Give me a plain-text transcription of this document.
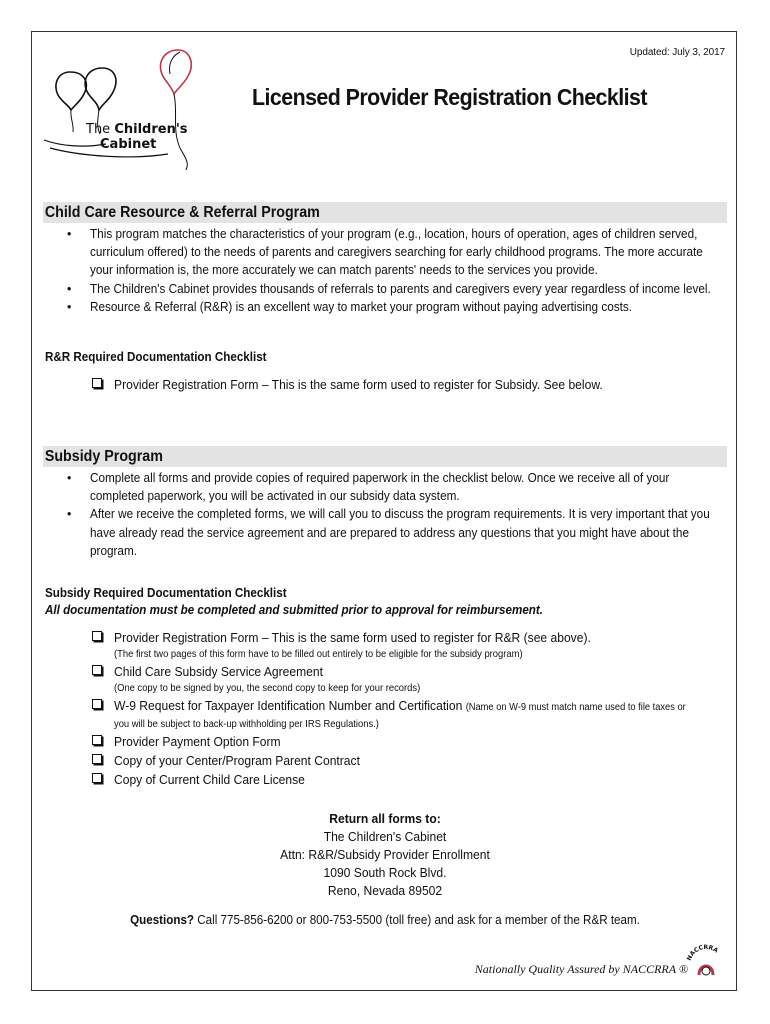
Updated: July 3, 2017
The Children's
Cabinet
Licensed Provider Registration Checklist
Child Care Resource & Referral Program
• This program matches the characteristics of your program (e.g., location, hours of operation, ages of children served, curriculum offered) to the needs of parents and caregivers searching for early childhood programs. The more accurate your information is, the more accurately we can match parents' needs to the services you provide.
• The Children's Cabinet provides thousands of referrals to parents and caregivers every year regardless of income level.
• Resource & Referral (R&R) is an excellent way to market your program without paying advertising costs.
R&R Required Documentation Checklist
Provider Registration Form – This is the same form used to register for Subsidy. See below.
Subsidy Program
• Complete all forms and provide copies of required paperwork in the checklist below. Once we receive all of your completed paperwork, you will be activated in our subsidy data system.
• After we receive the completed forms, we will call you to discuss the program requirements. It is very important that you have already read the service agreement and are prepared to address any questions that you might have about the program.
Subsidy Required Documentation Checklist
All documentation must be completed and submitted prior to approval for reimbursement.
Provider Registration Form – This is the same form used to register for R&R (see above).
(The first two pages of this form have to be filled out entirely to be eligible for the subsidy program)
Child Care Subsidy Service Agreement
(One copy to be signed by you, the second copy to keep for your records)
W-9 Request for Taxpayer Identification Number and Certification (Name on W-9 must match name used to file taxes or
you will be subject to back-up withholding per IRS Regulations.)
Provider Payment Option Form
Copy of your Center/Program Parent Contract
Copy of Current Child Care License
Return all forms to:
The Children's Cabinet
Attn: R&R/Subsidy Provider Enrollment
1090 South Rock Blvd.
Reno, Nevada 89502
Questions? Call 775-856-6200 or 800-753-5500 (toll free) and ask for a member of the R&R team.
Nationally Quality Assured by NACCRRA ®
NACCRRA
